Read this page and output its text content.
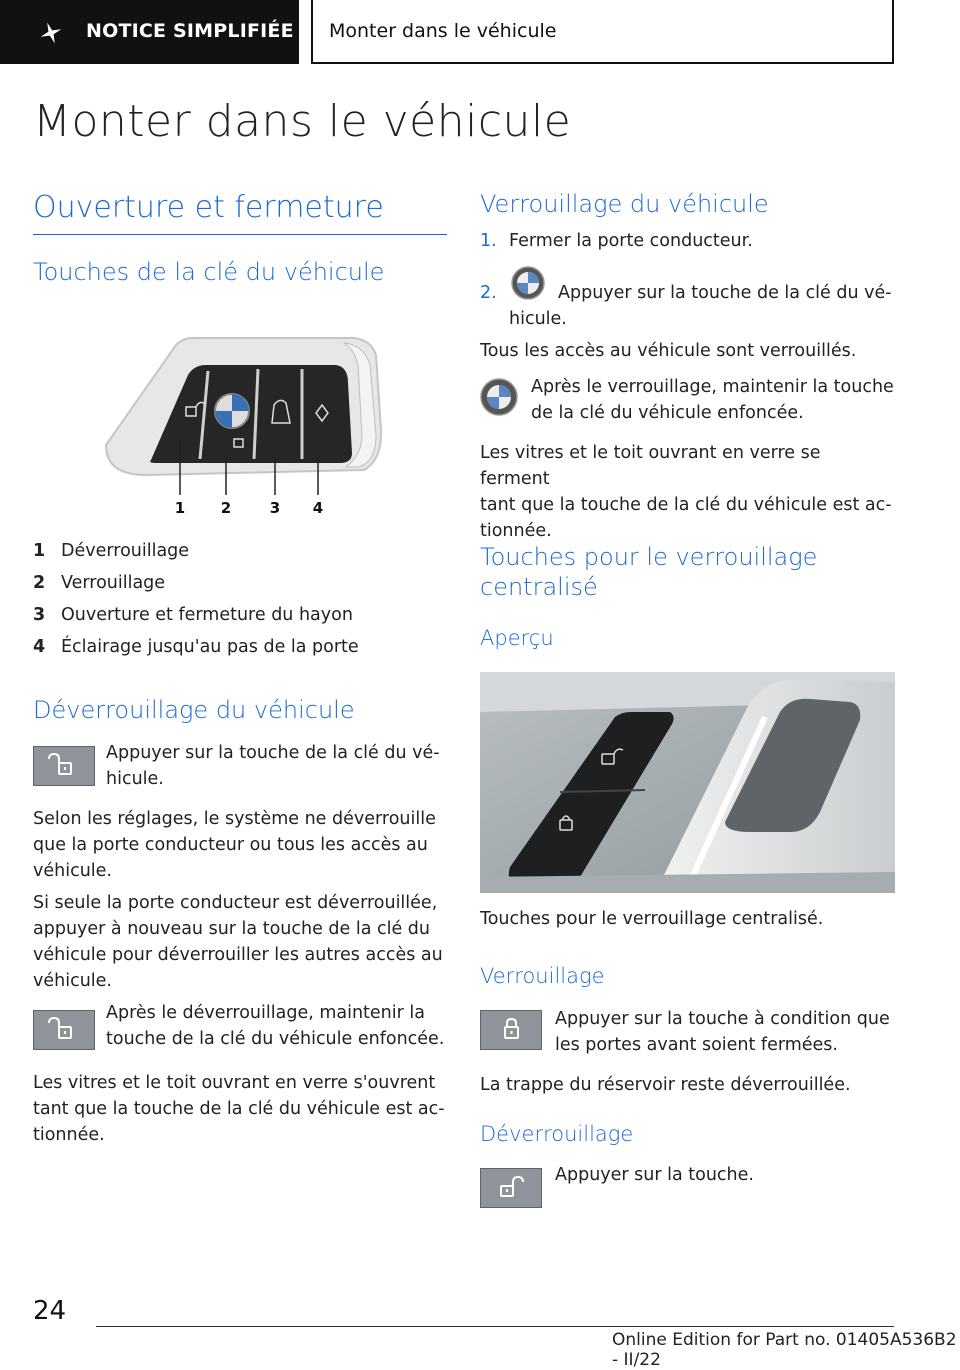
NOTICE SIMPLIFIÉE Monter dans le véhicule
Monter dans le véhicule
Ouverture et fermeture
Touches de la clé du véhicule
1 2	3 4
1 Déverrouillage
2 Verrouillage
3 Ouverture et fermeture du hayon
4 Éclairage jusqu'au pas de la porte
Déverrouillage du véhicule
Appuyer sur la touche de la clé du vé-
hicule.
Selon les réglages, le système ne déverrouille
que la porte conducteur ou tous les accès au
véhicule.
Si seule la porte conducteur est déverrouillée,
appuyer à nouveau sur la touche de la clé du
véhicule pour déverrouiller les autres accès au
véhicule.
Après le déverrouillage, maintenir la
touche de la clé du véhicule enfoncée.
Les vitres et le toit ouvrant en verre s'ouvrent
tant que la touche de la clé du véhicule est ac-
tionnée.
Verrouillage du véhicule
1. Fermer la porte conducteur.
2.	Appuyer sur la touche de la clé du vé-
hicule.
Tous les accès au véhicule sont verrouillés.
Après le verrouillage, maintenir la touche
de la clé du véhicule enfoncée.
Les vitres et le toit ouvrant en verre se ferment
tant que la touche de la clé du véhicule est ac-
tionnée.
Touches pour le verrouillage
centralisé
Aperçu
Touches pour le verrouillage centralisé.
Verrouillage
Appuyer sur la touche à condition que
les portes avant soient fermées.
La trappe du réservoir reste déverrouillée.
Déverrouillage
Appuyer sur la touche.
24
Online Edition for Part no. 01405A536B2 - II/22
